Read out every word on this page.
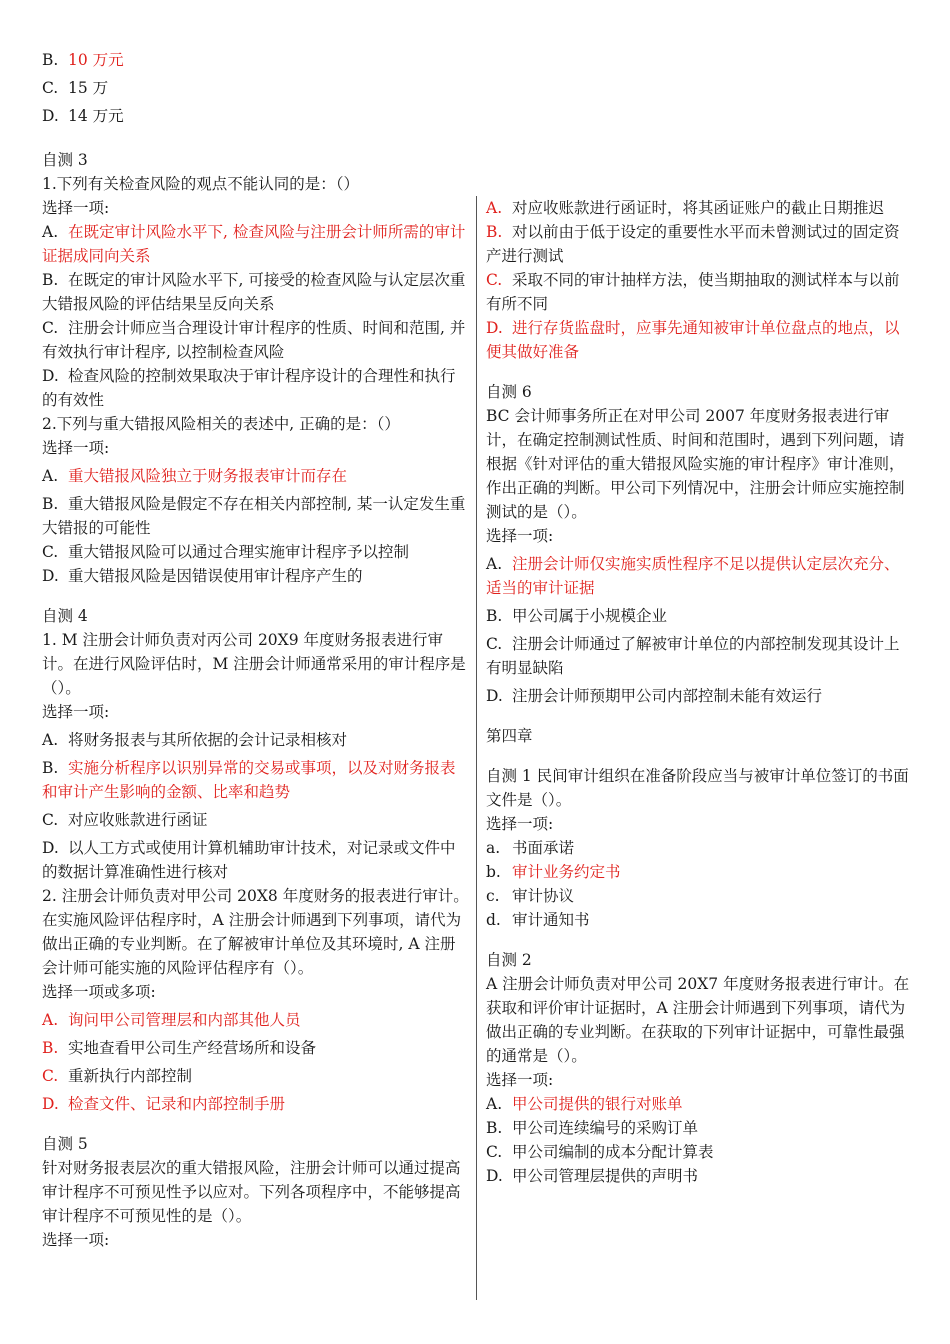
B. 10 万元
C. 15 万
D. 14 万元
自测 3
1.下列有关检查风险的观点不能认同的是：（）
选择一项:
A. 在既定审计风险水平下, 检查风险与注册会计师所需的审计证据成同向关系
B. 在既定的审计风险水平下, 可接受的检查风险与认定层次重大错报风险的评估结果呈反向关系
C. 注册会计师应当合理设计审计程序的性质、时间和范围, 并有效执行审计程序, 以控制检查风险
D. 检查风险的控制效果取决于审计程序设计的合理性和执行的有效性
2.下列与重大错报风险相关的表述中, 正确的是：（）
选择一项:
A. 重大错报风险独立于财务报表审计而存在
B. 重大错报风险是假定不存在相关内部控制, 某一认定发生重大错报的可能性
C. 重大错报风险可以通过合理实施审计程序予以控制
D. 重大错报风险是因错误使用审计程序产生的
自测 4
1. M 注册会计师负责对丙公司 20X9 年度财务报表进行审计。在进行风险评估时，M 注册会计师通常采用的审计程序是（）。
选择一项:
A. 将财务报表与其所依据的会计记录相核对
B. 实施分析程序以识别异常的交易或事项，以及对财务报表和审计产生影响的金额、比率和趋势
C. 对应收账款进行函证
D. 以人工方式或使用计算机辅助审计技术，对记录或文件中的数据计算准确性进行核对
2. 注册会计师负责对甲公司 20X8 年度财务的报表进行审计。在实施风险评估程序时，A 注册会计师遇到下列事项，请代为做出正确的专业判断。在了解被审计单位及其环境时, A 注册会计师可能实施的风险评估程序有（）。
选择一项或多项:
A. 询问甲公司管理层和内部其他人员
B. 实地查看甲公司生产经营场所和设备
C. 重新执行内部控制
D. 检查文件、记录和内部控制手册
自测 5
针对财务报表层次的重大错报风险，注册会计师可以通过提高审计程序不可预见性予以应对。下列各项程序中，不能够提高审计程序不可预见性的是（）。
选择一项:
A. 对应收账款进行函证时，将其函证账户的截止日期推迟
B. 对以前由于低于设定的重要性水平而未曾测试过的固定资产进行测试
C. 采取不同的审计抽样方法，使当期抽取的测试样本与以前有所不同
D. 进行存货监盘时，应事先通知被审计单位盘点的地点，以便其做好准备
自测 6
BC 会计师事务所正在对甲公司 2007 年度财务报表进行审计，在确定控制测试性质、时间和范围时，遇到下列问题，请根据《针对评估的重大错报风险实施的审计程序》审计准则，作出正确的判断。甲公司下列情况中，注册会计师应实施控制测试的是（）。
选择一项:
A. 注册会计师仅实施实质性程序不足以提供认定层次充分、适当的审计证据
B. 甲公司属于小规模企业
C. 注册会计师通过了解被审计单位的内部控制发现其设计上有明显缺陷
D. 注册会计师预期甲公司内部控制未能有效运行
第四章
自测 1 民间审计组织在准备阶段应当与被审计单位签订的书面文件是（）。
选择一项:
a. 书面承诺
b. 审计业务约定书
c. 审计协议
d. 审计通知书
自测 2
A 注册会计师负责对甲公司 20X7 年度财务报表进行审计。在获取和评价审计证据时，A 注册会计师遇到下列事项，请代为做出正确的专业判断。在获取的下列审计证据中，可靠性最强的通常是（）。
选择一项:
A. 甲公司提供的银行对账单
B. 甲公司连续编号的采购订单
C. 甲公司编制的成本分配计算表
D. 甲公司管理层提供的声明书
